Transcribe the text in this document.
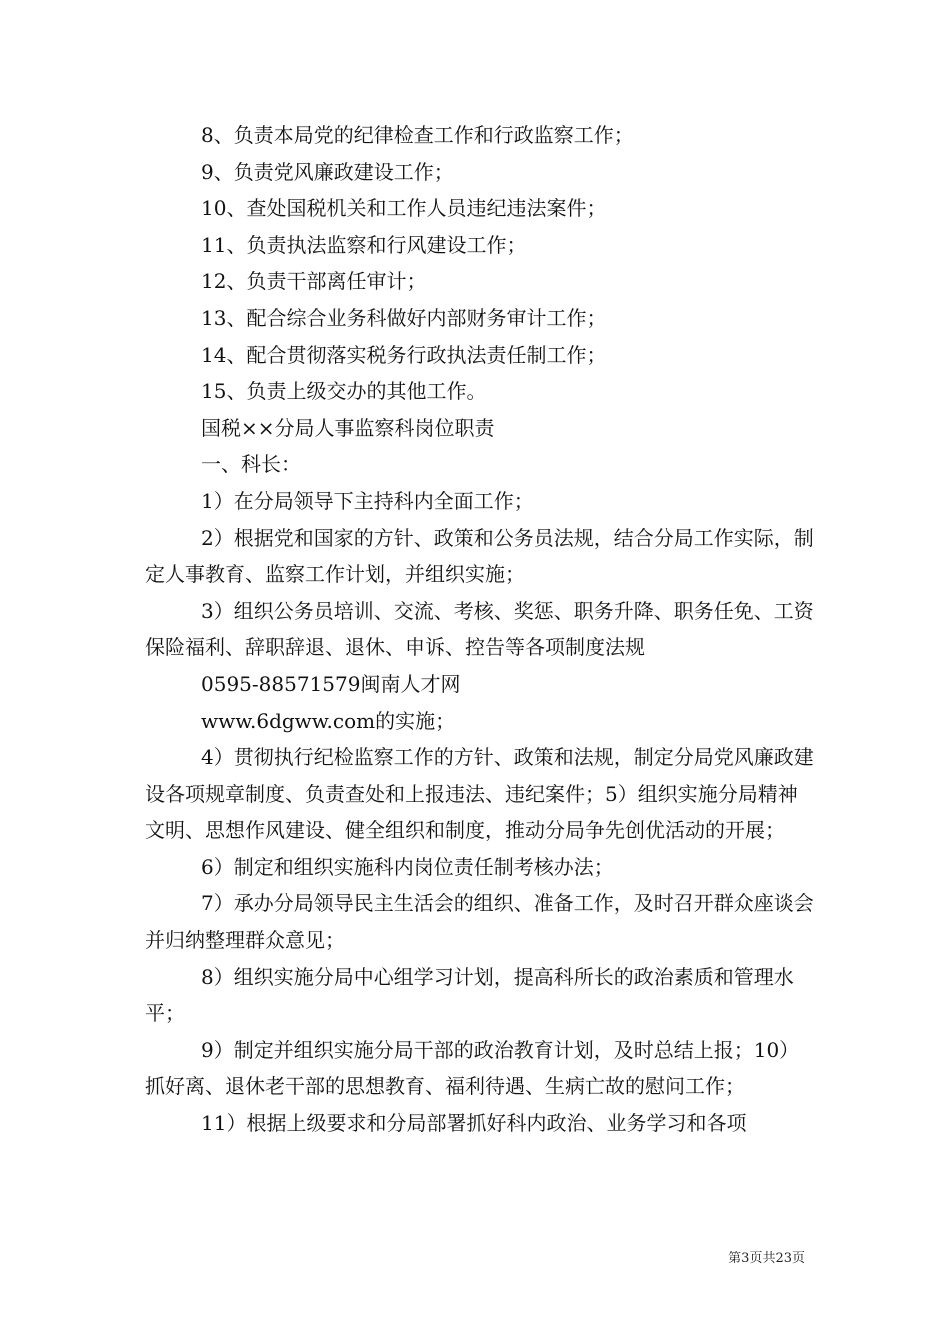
8、负责本局党的纪律检查工作和行政监察工作；

9、负责党风廉政建设工作；

10、查处国税机关和工作人员违纪违法案件；

11、负责执法监察和行风建设工作；

12、负责干部离任审计；

13、配合综合业务科做好内部财务审计工作；

14、配合贯彻落实税务行政执法责任制工作；

15、负责上级交办的其他工作。

国税××分局人事监察科岗位职责

一、科长：

1）在分局领导下主持科内全面工作；

2）根据党和国家的方针、政策和公务员法规，结合分局工作实际，制定人事教育、监察工作计划，并组织实施；

3）组织公务员培训、交流、考核、奖惩、职务升降、职务任免、工资保险福利、辞职辞退、退休、申诉、控告等各项制度法规

0595-88571579闽南人才网

www.6dgww.com的实施；

4）贯彻执行纪检监察工作的方针、政策和法规，制定分局党风廉政建设各项规章制度、负责查处和上报违法、违纪案件；5）组织实施分局精神文明、思想作风建设、健全组织和制度，推动分局争先创优活动的开展；

6）制定和组织实施科内岗位责任制考核办法；

7）承办分局领导民主生活会的组织、准备工作，及时召开群众座谈会并归纳整理群众意见；

8）组织实施分局中心组学习计划，提高科所长的政治素质和管理水平；

9）制定并组织实施分局干部的政治教育计划，及时总结上报；10）抓好离、退休老干部的思想教育、福利待遇、生病亡故的慰问工作；

11）根据上级要求和分局部署抓好科内政治、业务学习和各项

第3页共23页
